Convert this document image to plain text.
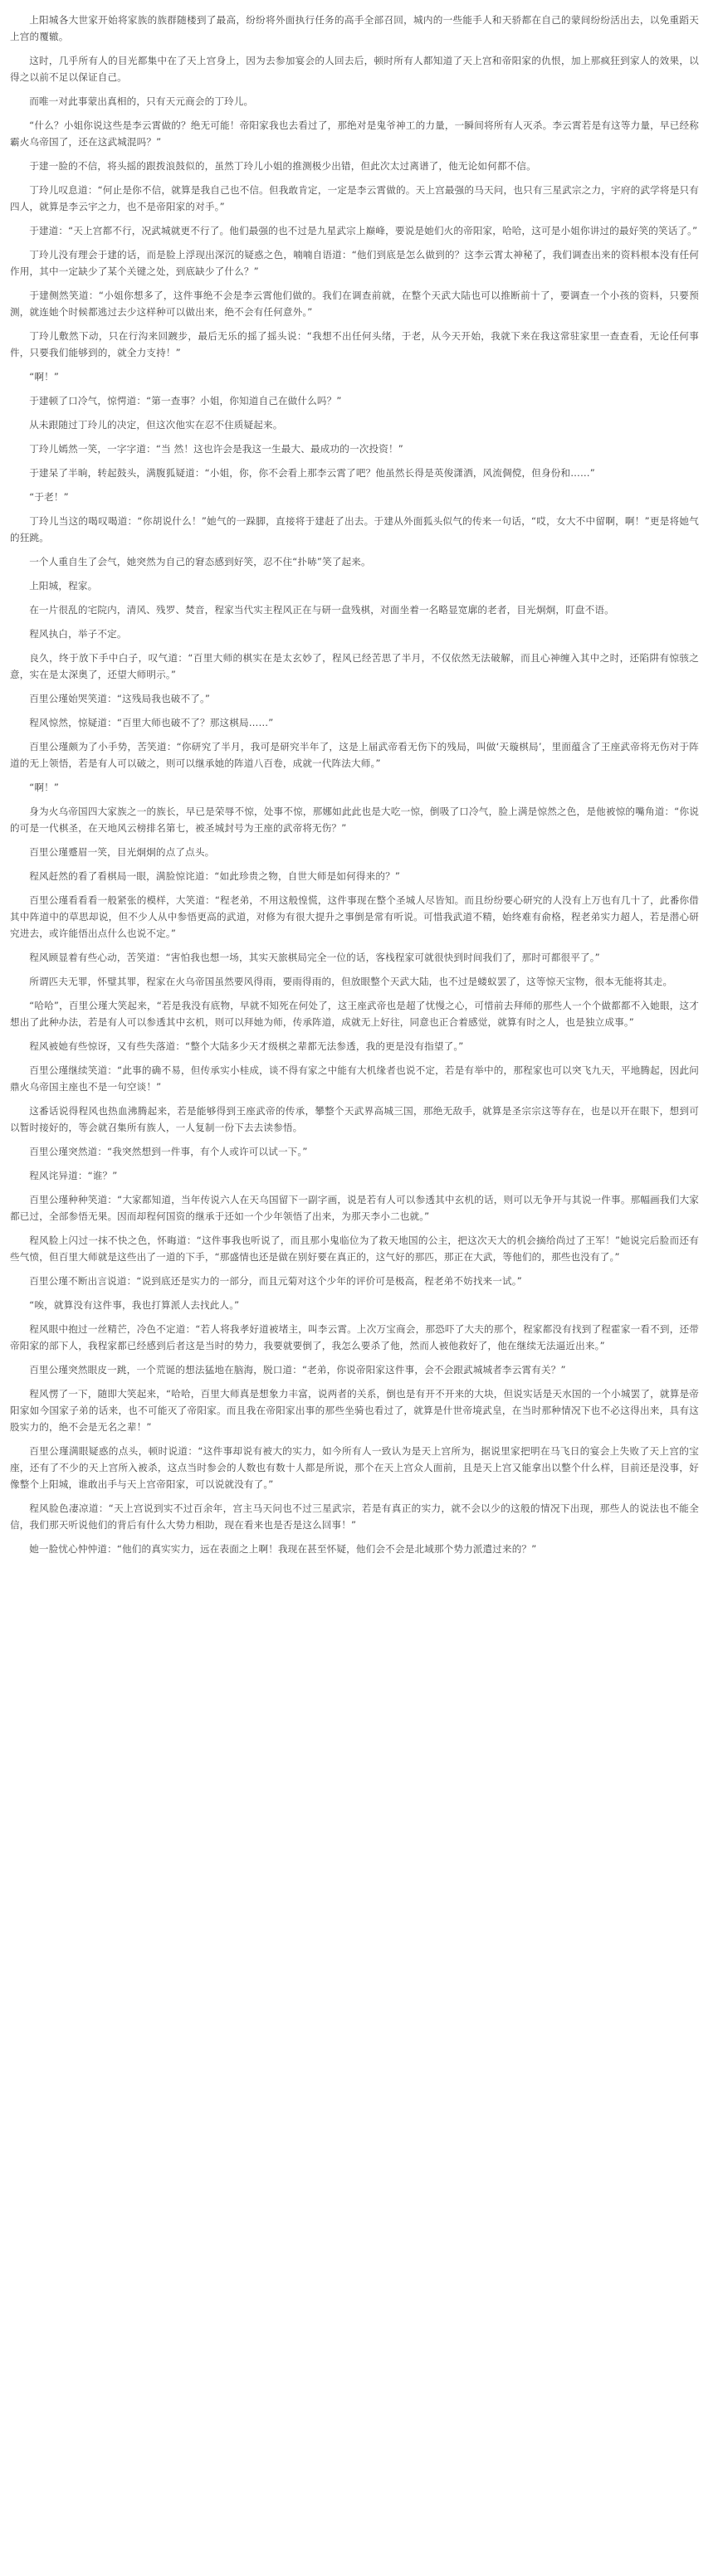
上阳城各大世家开始将家族的族群随楼到了最高，纷纷将外面执行任务的高手全部召回，城内的一些能手人和天骄都在自己的蒙间纷纷活出去，以免重蹈天上宫的覆辙。

这时，几乎所有人的目光都集中在了天上宫身上，因为去参加宴会的人回去后，顿时所有人都知道了天上宫和帝阳家的仇恨，加上那疯狂到家人的效果，以得之以前不足以保证自己。

而唯一对此事蒙出真相的，只有天元商会的丁玲儿。

“什么？小姐你说这些是李云霄做的？绝无可能！帝阳家我也去看过了，那绝对是鬼爷神工的力量，一瞬间将所有人灭杀。李云霄若是有这等力量，早已经称霸火乌帝国了，还在这武城混吗？”

于建一脸的不信，将头摇的跟拨浪鼓似的，虽然丁玲儿小姐的推测极少出错，但此次太过离谱了，他无论如何都不信。

丁玲儿叹息道：“何止是你不信，就算是我自己也不信。但我敢肯定，一定是李云霄做的。天上宫最强的马天问，也只有三星武宗之力，宇府的武学将是只有四人，就算是李云宇之力，也不是帝阳家的对手。”

于建道：“天上宫都不行，况武城就更不行了。他们最强的也不过是九星武宗上巅峰，要说是她们火的帝阳家，哈哈，这可是小姐你讲过的最好笑的笑话了。”

丁玲儿没有理会于建的话，而是脸上浮现出深沉的疑惑之色，喃喃自语道：“他们到底是怎么做到的？这李云霄太神秘了，我们调查出来的资料根本没有任何作用，其中一定缺少了某个关键之处，到底缺少了什么？”

于建侧然笑道：“小姐你想多了，这件事绝不会是李云霄他们做的。我们在调查前就，在整个天武大陆也可以推断前十了，要调查一个小孩的资料，只要预测，就连她个时候都逃过去少这样种可以做出来，绝不会有任何意外。”

丁玲儿敷然下动，只在行沟来回踱步，最后无乐的摇了摇头说：“我想不出任何头绪，于老，从今天开始，我就下来在我这常驻家里一查查看，无论任何事件，只要我们能够到的，就全力支持！”

“啊！”

于建顿了口冷气，惊愕道：“第一查事？小姐，你知道自己在做什么吗？”

从未跟随过丁玲儿的决定，但这次他实在忍不住质疑起来。

丁玲儿嫣然一笑，一字字道：“当 然！这也许会是我这一生最大、最成功的一次投资！”

于建呆了半晌，转起鼓头，满腹狐疑道：“小姐，你，你不会看上那李云霄了吧？他虽然长得是英俊潇洒，风流倜傥，但身份和……”

“于老！”

丁玲儿当这的喝叹喝道：“你胡说什么！”她气的一跺脚，直接将于建赶了出去。于建从外面狐头似气的传来一句话，“哎，女大不中留啊，啊！”更是将她气的狂跳。

一个人重自生了会气，她突然为自己的窘态感到好笑，忍不住“扑哧”笑了起来。

上阳城，程家。

在一片很乱的宅院内，清风、残罗、焚音，程家当代实主程风正在与研一盘残棋，对面坐着一名略显宽廓的老者，目光炯炯，盯盘不语。

程风执白，举子不定。

良久，终于放下手中白子，叹气道：“百里大师的棋实在是太玄妙了，程风已经苦思了半月，不仅依然无法破解，而且心神缠入其中之时，还陷阱有惊骇之意，实在是太深奥了，还望大师明示。”

百里公瑾始哭笑道：“这残局我也破不了。”

程风惊然，惊疑道：“百里大师也破不了？那这棋局……”

百里公瑾颇为了小手势，苦笑道：“你研究了半月，我可是研究半年了，这是上届武帝看无伤下的残局，叫做‘天璇棋局’，里面蕴含了王座武帝将无伤对于阵道的无上领悟，若是有人可以破之，则可以继承她的阵道八百卷，成就一代阵法大师。”

“啊！”

身为火乌帝国四大家族之一的族长，早已是荣辱不惊，处事不惊，那娜如此此也是大吃一惊，倒吸了口冷气，脸上满是惊然之色，是他被惊的嘴角道：“你说的可是一代棋圣，在天地风云榜排名第七，被圣城封号为王座的武帝将无伤？”

百里公瑾蹙眉一笑，目光炯炯的点了点头。

程风赶然的看了看棋局一眼，满脸惊诧道：“如此珍贵之物，自世大师是如何得来的？”

百里公瑾看看看一般紧张的模样，大笑道：“程老弟，不用这般惶慌，这件事现在整个圣城人尽皆知。而且纷纷要心研究的人没有上万也有几十了，此番你借其中阵道中的草思却说，但不少人从中参悟更高的武道，对修为有很大提升之事倒是常有听说。可惜我武道不精，始终难有俞格，程老弟实力超人，若是潜心研究进去，或许能悟出点什么也说不定。”

程风顾显着有些心动，苦笑道：“害怕我也想一场，其实天旅棋局完全一位的话，客栈程家可就很快到时间我们了，那时可都很平了。”

所谓匹夫无罪，怀璧其罪，程家在火乌帝国虽然要风得雨，要雨得雨的，但放眼整个天武大陆，也不过是蝼蚁罢了，这等惊天宝物，很本无能将其走。

“哈哈”，百里公瑾大笑起来，“若是我没有底物，早就不知死在何处了，这王座武帝也是超了忧慢之心，可惜前去拜师的那些人一个个做都都不入她眼，这才想出了此种办法，若是有人可以参透其中玄机，则可以拜她为师，传承阵道，成就无上好往，同意也正合着感觉，就算有时之人，也是独立成事。”

程风被她有些惊讶，又有些失落道：“整个大陆多少天才级棋之辈都无法参透，我的更是没有指望了。”

百里公瑾继续笑道：“此事的确不易，但传承实小桂成，谈不得有家之中能有大机缘者也说不定，若是有举中的，那程家也可以突飞九天，平地腾起，因此问鼎火乌帝国主座也不是一句空谈！”

这番话说得程风也热血沸腾起来，若是能够得到王座武帝的传承，攀整个天武界高城三国，那绝无敌手，就算是圣宗宗这等存在，也是以开在眼下，想到可以暂时接好的，等会就召集所有族人，一人复制一份下去去读参悟。

百里公瑾突然道：“我突然想到一件事，有个人或许可以试一下。”

程风诧异道：“谁？”

百里公瑾种种笑道：“大家都知道，当年传说六人在天乌国留下一副字画，说是若有人可以参透其中玄机的话，则可以无争开与其说一件事。那幅画我们大家都已过，全部参悟无果。因而却程何国资的继承于还如一个少年领悟了出来，为那天李小二也就。”

程风脸上闪过一抹不快之色，怀晦道：“这件事我也听说了，而且那小鬼临位为了救天地国的公主，把这次天大的机会摘给尚过了王军！”她说完后脸而还有些气愤，但百里大师就是这些出了一道的下手，“那盛情也还是做在别好要在真正的，这气好的那匹，那正在大武，等他们的，那些也没有了。”

百里公瑾不断出言说道：“说到底还是实力的一部分，而且元菊对这个少年的评价可是极高，程老弟不妨找来一试。”

“唉，就算没有这件事，我也打算派人去找此人。”

程风眼中抱过一丝精芒，冷色不定道：“若人将我孝好道被堵主，叫李云霄。上次万宝商会，那恐吓了大夫的那个，程家都没有找到了程霍家一看不到，还带帝阳家的部下人，我程家都已经感到后者这是当时的势力，我要就要倒了，我怎么要杀了他，然而人被他救好了，他在继续无法逼近出来。”

百里公瑾突然眼皮一跳，一个荒诞的想法猛地在脑海，脱口道：“老弟，你说帝阳家这件事，会不会跟武城城者李云霄有关？”

程风愣了一下，随即大笑起来，“哈哈，百里大师真是想象力丰富，说两者的关系，倒也是有开不开来的大块，但说实话是天水国的一个小城罢了，就算是帝阳家如今国家子弟的话来，也不可能灭了帝阳家。而且我在帝阳家出事的那些坐骑也看过了，就算是什世帝境武皇，在当时那种情况下也不必这得出来，具有这股实力的，绝不会是无名之辈！”

百里公瑾满眼疑惑的点头，顿时说道：“这件事却说有被大的实力，如今所有人一致认为是天上宫所为，据说里家把明在马飞日的宴会上失败了天上宫的宝座，还有了不少的天上宫所入被杀，这点当时参会的人数也有数十人都是所说，那个在天上宫众人面前，且是天上宫又能拿出以整个什么样，目前还是没事，好像整个上阳城，谁敢出手与天上宫帝阳家，可以说就没有了。”

程风脸色凄凉道：“天上宫说到实不过百余年，宫主马天问也不过三星武宗，若是有真正的实力，就不会以少的这般的情况下出现，那些人的说法也不能全信，我们那天听说他们的背后有什么大势力相助，现在看来也是否是这么回事！”

她一脸忧心忡忡道：“他们的真实实力，远在表面之上啊！我现在甚至怀疑，他们会不会是北域那个势力派遣过来的？”
